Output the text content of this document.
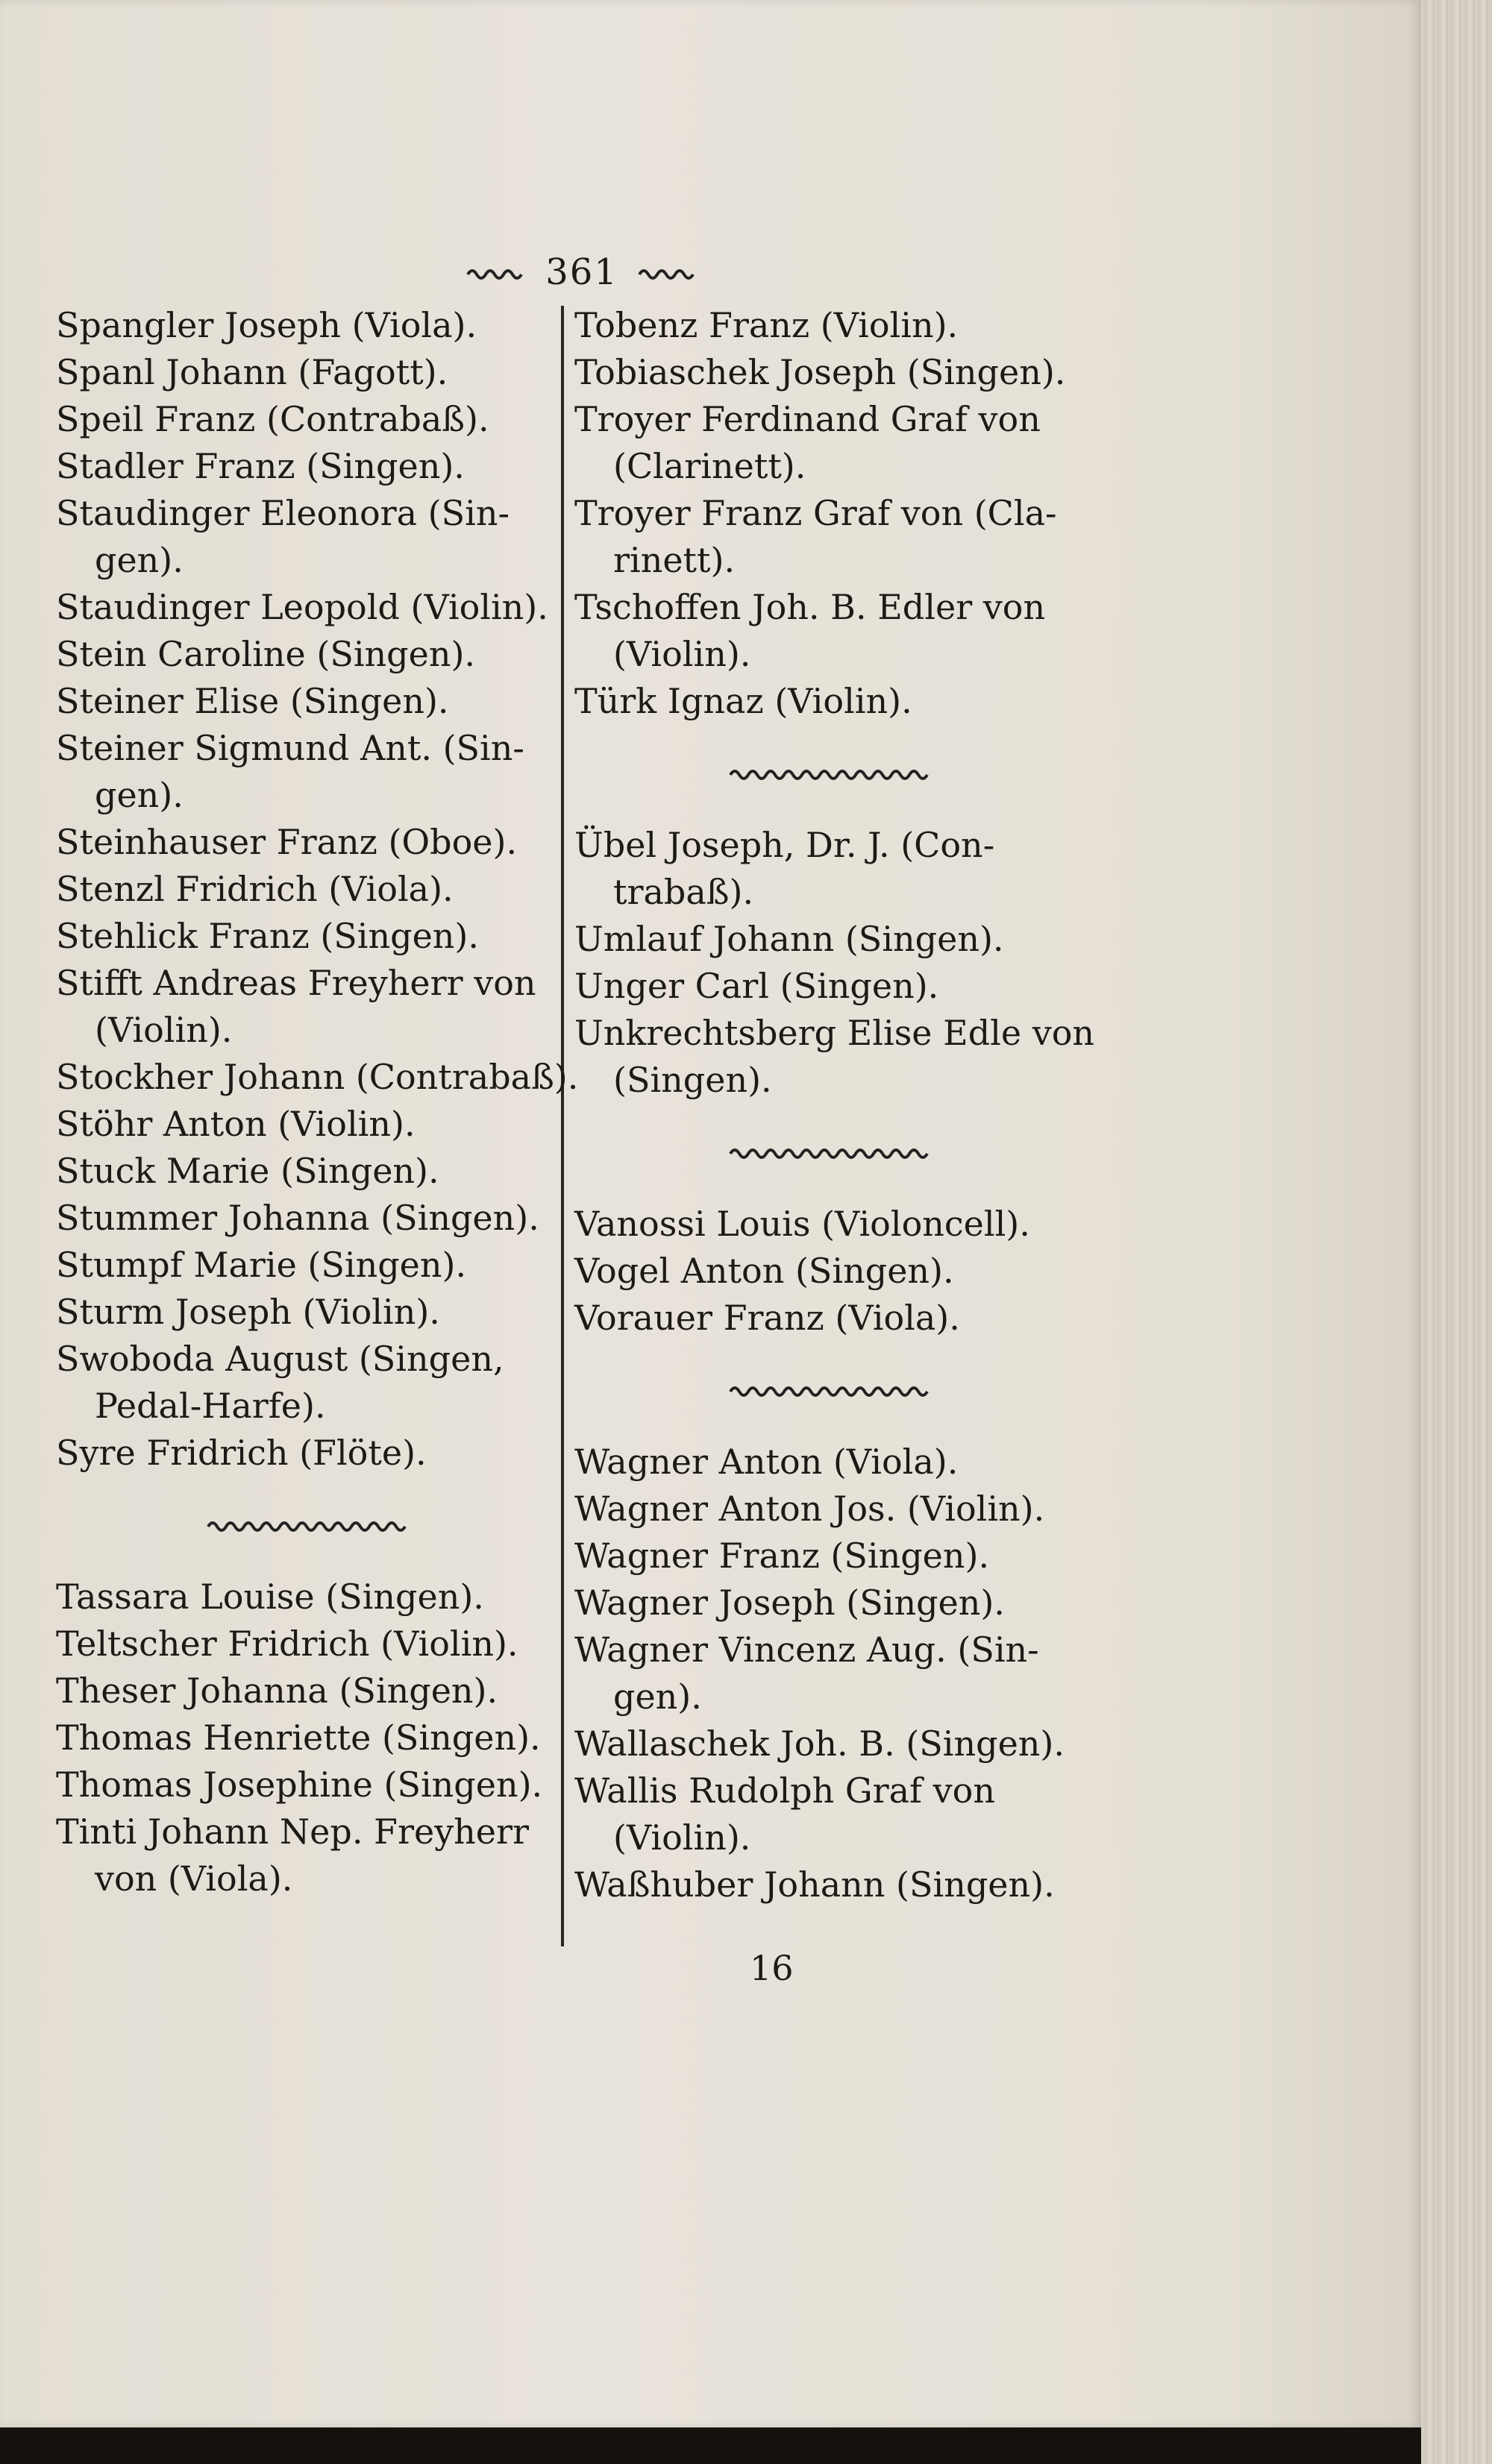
361
Spangler Joseph (Viola).
Spanl Johann (Fagott).
Speil Franz (Contrabaß).
Stadler Franz (Singen).
Staudinger Eleonora (Sin-
gen).
Staudinger Leopold (Violin).
Stein Caroline (Singen).
Steiner Elise (Singen).
Steiner Sigmund Ant. (Sin-
gen).
Steinhauser Franz (Oboe).
Stenzl Fridrich (Viola).
Stehlick Franz (Singen).
Stifft Andreas Freyherr von
(Violin).
Stockher Johann (Contrabaß).
Stöhr Anton (Violin).
Stuck Marie (Singen).
Stummer Johanna (Singen).
Stumpf Marie (Singen).
Sturm Joseph (Violin).
Swoboda August (Singen,
Pedal-Harfe).
Syre Fridrich (Flöte).
Tassara Louise (Singen).
Teltscher Fridrich (Violin).
Theser Johanna (Singen).
Thomas Henriette (Singen).
Thomas Josephine (Singen).
Tinti Johann Nep. Freyherr
von (Viola).
Tobenz Franz (Violin).
Tobiaschek Joseph (Singen).
Troyer Ferdinand Graf von
(Clarinett).
Troyer Franz Graf von (Cla-
rinett).
Tschoffen Joh. B. Edler von
(Violin).
Türk Ignaz (Violin).
Übel Joseph, Dr. J. (Con-
trabaß).
Umlauf Johann (Singen).
Unger Carl (Singen).
Unkrechtsberg Elise Edle von
(Singen).
Vanossi Louis (Violoncell).
Vogel Anton (Singen).
Vorauer Franz (Viola).
Wagner Anton (Viola).
Wagner Anton Jos. (Violin).
Wagner Franz (Singen).
Wagner Joseph (Singen).
Wagner Vincenz Aug. (Sin-
gen).
Wallaschek Joh. B. (Singen).
Wallis Rudolph Graf von
(Violin).
Waßhuber Johann (Singen).
16
